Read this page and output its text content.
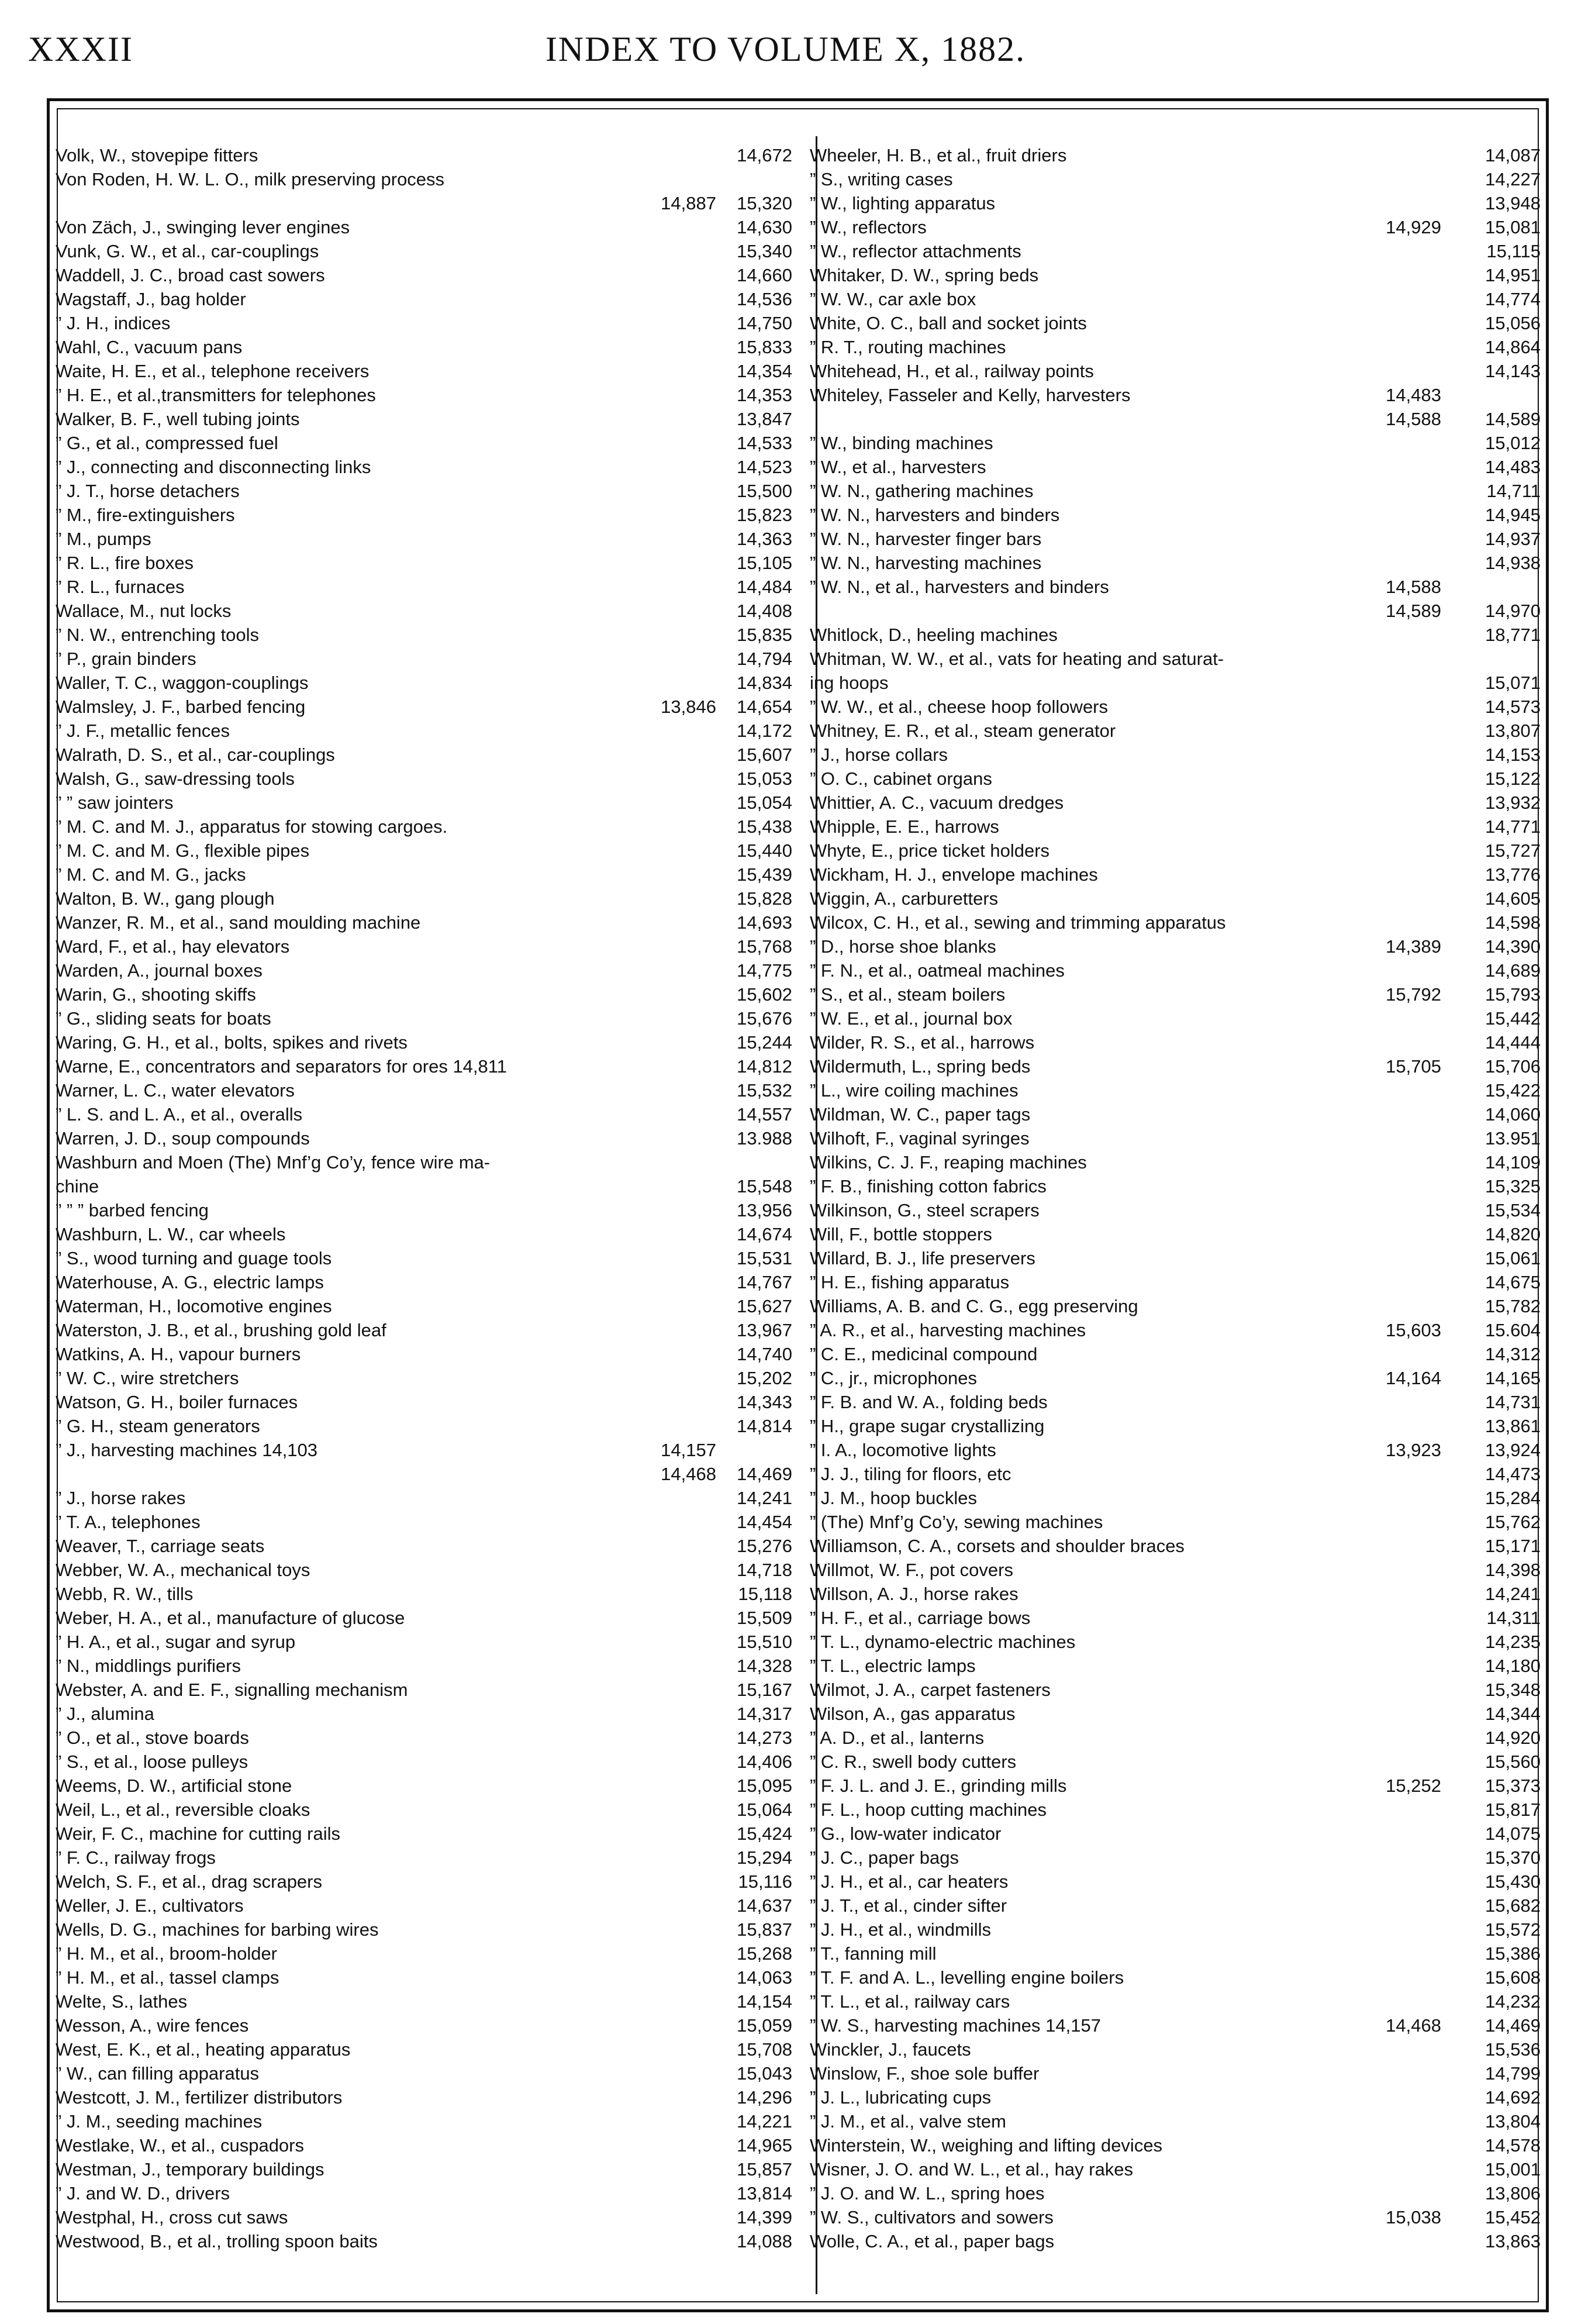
XXXII	INDEX TO VOLUME X, 1882.
Volk, W., stovepipe fitters	14,672
Von Roden, H. W. L. O., milk preserving process
14,887	15,320
Von Zäch, J., swinging lever engines	14,630
Vunk, G. W., et al., car-couplings	15,340
Waddell, J. C., broad cast sowers	14,660
Wagstaff, J., bag holder	14,536
” J. H., indices	14,750
Wahl, C., vacuum pans	15,833
Waite, H. E., et al., telephone receivers	14,354
” H. E., et al.,transmitters for telephones	14,353
Walker, B. F., well tubing joints	13,847
” G., et al., compressed fuel	14,533
” J., connecting and disconnecting links	14,523
” J. T., horse detachers	15,500
” M., fire-extinguishers	15,823
” M., pumps	14,363
” R. L., fire boxes	15,105
” R. L., furnaces	14,484
Wallace, M., nut locks	14,408
” N. W., entrenching tools	15,835
” P., grain binders	14,794
Waller, T. C., waggon-couplings	14,834
Walmsley, J. F., barbed fencing	13,846	14,654
” J. F., metallic fences	14,172
Walrath, D. S., et al., car-couplings	15,607
Walsh, G., saw-dressing tools	15,053
” ” saw jointers	15,054
” M. C. and M. J., apparatus for stowing cargoes.	15,438
” M. C. and M. G., flexible pipes	15,440
” M. C. and M. G., jacks	15,439
Walton, B. W., gang plough	15,828
Wanzer, R. M., et al., sand moulding machine	14,693
Ward, F., et al., hay elevators	15,768
Warden, A., journal boxes	14,775
Warin, G., shooting skiffs	15,602
” G., sliding seats for boats	15,676
Waring, G. H., et al., bolts, spikes and rivets	15,244
Warne, E., concentrators and separators for ores 14,811	14,812
Warner, L. C., water elevators	15,532
” L. S. and L. A., et al., overalls	14,557
Warren, J. D., soup compounds	13.988
Washburn and Moen (The) Mnf’g Co’y, fence wire ma-
chine	15,548
” ” ” barbed fencing	13,956
Washburn, L. W., car wheels	14,674
” S., wood turning and guage tools	15,531
Waterhouse, A. G., electric lamps	14,767
Waterman, H., locomotive engines	15,627
Waterston, J. B., et al., brushing gold leaf	13,967
Watkins, A. H., vapour burners	14,740
” W. C., wire stretchers	15,202
Watson, G. H., boiler furnaces	14,343
” G. H., steam generators	14,814
” J., harvesting machines 14,103	14,157
14,468	14,469
” J., horse rakes	14,241
” T. A., telephones	14,454
Weaver, T., carriage seats	15,276
Webber, W. A., mechanical toys	14,718
Webb, R. W., tills	15,118
Weber, H. A., et al., manufacture of glucose	15,509
” H. A., et al., sugar and syrup	15,510
” N., middlings purifiers	14,328
Webster, A. and E. F., signalling mechanism	15,167
” J., alumina	14,317
” O., et al., stove boards	14,273
” S., et al., loose pulleys	14,406
Weems, D. W., artificial stone	15,095
Weil, L., et al., reversible cloaks	15,064
Weir, F. C., machine for cutting rails	15,424
” F. C., railway frogs	15,294
Welch, S. F., et al., drag scrapers	15,116
Weller, J. E., cultivators	14,637
Wells, D. G., machines for barbing wires	15,837
” H. M., et al., broom-holder	15,268
” H. M., et al., tassel clamps	14,063
Welte, S., lathes	14,154
Wesson, A., wire fences	15,059
West, E. K., et al., heating apparatus	15,708
” W., can filling apparatus	15,043
Westcott, J. M., fertilizer distributors	14,296
” J. M., seeding machines	14,221
Westlake, W., et al., cuspadors	14,965
Westman, J., temporary buildings	15,857
” J. and W. D., drivers	13,814
Westphal, H., cross cut saws	14,399
Westwood, B., et al., trolling spoon baits	14,088
Wheeler, H. B., et al., fruit driers	14,087
” S., writing cases	14,227
” W., lighting apparatus	13,948
” W., reflectors	14,929	15,081
” W., reflector attachments	15,115
Whitaker, D. W., spring beds	14,951
” W. W., car axle box	14,774
White, O. C., ball and socket joints	15,056
” R. T., routing machines	14,864
Whitehead, H., et al., railway points	14,143
Whiteley, Fasseler and Kelly, harvesters	14,483
14,588	14,589
” W., binding machines	15,012
” W., et al., harvesters	14,483
” W. N., gathering machines	14,711
” W. N., harvesters and binders	14,945
” W. N., harvester finger bars	14,937
” W. N., harvesting machines	14,938
” W. N., et al., harvesters and binders	14,588
14,589	14,970
Whitlock, D., heeling machines	18,771
Whitman, W. W., et al., vats for heating and saturat-
ing hoops	15,071
” W. W., et al., cheese hoop followers	14,573
Whitney, E. R., et al., steam generator	13,807
” J., horse collars	14,153
” O. C., cabinet organs	15,122
Whittier, A. C., vacuum dredges	13,932
Whipple, E. E., harrows	14,771
Whyte, E., price ticket holders	15,727
Wickham, H. J., envelope machines	13,776
Wiggin, A., carburetters	14,605
Wilcox, C. H., et al., sewing and trimming apparatus	14,598
” D., horse shoe blanks	14,389	14,390
” F. N., et al., oatmeal machines	14,689
” S., et al., steam boilers	15,792	15,793
” W. E., et al., journal box	15,442
Wilder, R. S., et al., harrows	14,444
Wildermuth, L., spring beds	15,705	15,706
” L., wire coiling machines	15,422
Wildman, W. C., paper tags	14,060
Wilhoft, F., vaginal syringes	13.951
Wilkins, C. J. F., reaping machines	14,109
” F. B., finishing cotton fabrics	15,325
Wilkinson, G., steel scrapers	15,534
Will, F., bottle stoppers	14,820
Willard, B. J., life preservers	15,061
” H. E., fishing apparatus	14,675
Williams, A. B. and C. G., egg preserving	15,782
” A. R., et al., harvesting machines	15,603	15.604
” C. E., medicinal compound	14,312
” C., jr., microphones	14,164	14,165
” F. B. and W. A., folding beds	14,731
” H., grape sugar crystallizing	13,861
” I. A., locomotive lights	13,923	13,924
” J. J., tiling for floors, etc	14,473
” J. M., hoop buckles	15,284
” (The) Mnf’g Co’y, sewing machines	15,762
Williamson, C. A., corsets and shoulder braces	15,171
Willmot, W. F., pot covers	14,398
Willson, A. J., horse rakes	14,241
” H. F., et al., carriage bows	14,311
” T. L., dynamo-electric machines	14,235
” T. L., electric lamps	14,180
Wilmot, J. A., carpet fasteners	15,348
Wilson, A., gas apparatus	14,344
” A. D., et al., lanterns	14,920
” C. R., swell body cutters	15,560
” F. J. L. and J. E., grinding mills	15,252	15,373
” F. L., hoop cutting machines	15,817
” G., low-water indicator	14,075
” J. C., paper bags	15,370
” J. H., et al., car heaters	15,430
” J. T., et al., cinder sifter	15,682
” J. H., et al., windmills	15,572
” T., fanning mill	15,386
” T. F. and A. L., levelling engine boilers	15,608
” T. L., et al., railway cars	14,232
” W. S., harvesting machines 14,157	14,468	14,469
Winckler, J., faucets	15,536
Winslow, F., shoe sole buffer	14,799
” J. L., lubricating cups	14,692
” J. M., et al., valve stem	13,804
Winterstein, W., weighing and lifting devices	14,578
Wisner, J. O. and W. L., et al., hay rakes	15,001
” J. O. and W. L., spring hoes	13,806
” W. S., cultivators and sowers	15,038	15,452
Wolle, C. A., et al., paper bags	13,863
